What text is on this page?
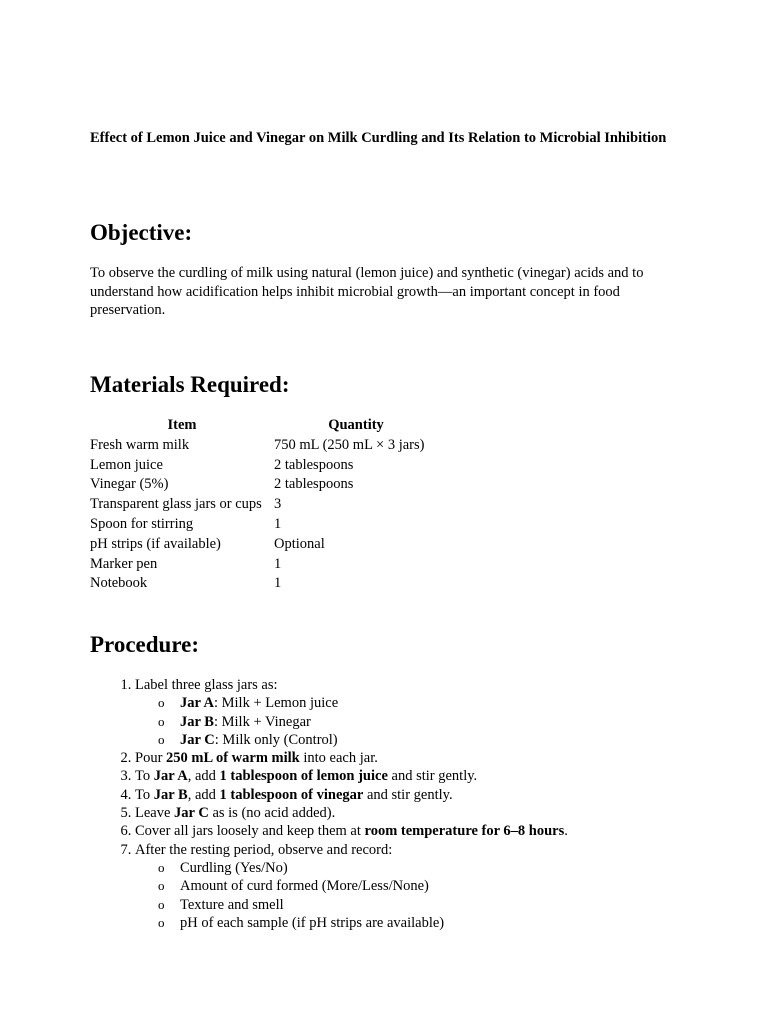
Effect of Lemon Juice and Vinegar on Milk Curdling and Its Relation to Microbial Inhibition
Objective:
To observe the curdling of milk using natural (lemon juice) and synthetic (vinegar) acids and to understand how acidification helps inhibit microbial growth—an important concept in food preservation.
Materials Required:
Item	Quantity
Fresh warm milk	750 mL (250 mL × 3 jars)
Lemon juice	2 tablespoons
Vinegar (5%)	2 tablespoons
Transparent glass jars or cups	3
Spoon for stirring	1
pH strips (if available)	Optional
Marker pen	1
Notebook	1
Procedure:
1. Label three glass jars as:
o Jar A: Milk + Lemon juice
o Jar B: Milk + Vinegar
o Jar C: Milk only (Control)
2. Pour 250 mL of warm milk into each jar.
3. To Jar A, add 1 tablespoon of lemon juice and stir gently.
4. To Jar B, add 1 tablespoon of vinegar and stir gently.
5. Leave Jar C as is (no acid added).
6. Cover all jars loosely and keep them at room temperature for 6–8 hours.
7. After the resting period, observe and record:
o Curdling (Yes/No)
o Amount of curd formed (More/Less/None)
o Texture and smell
o pH of each sample (if pH strips are available)
